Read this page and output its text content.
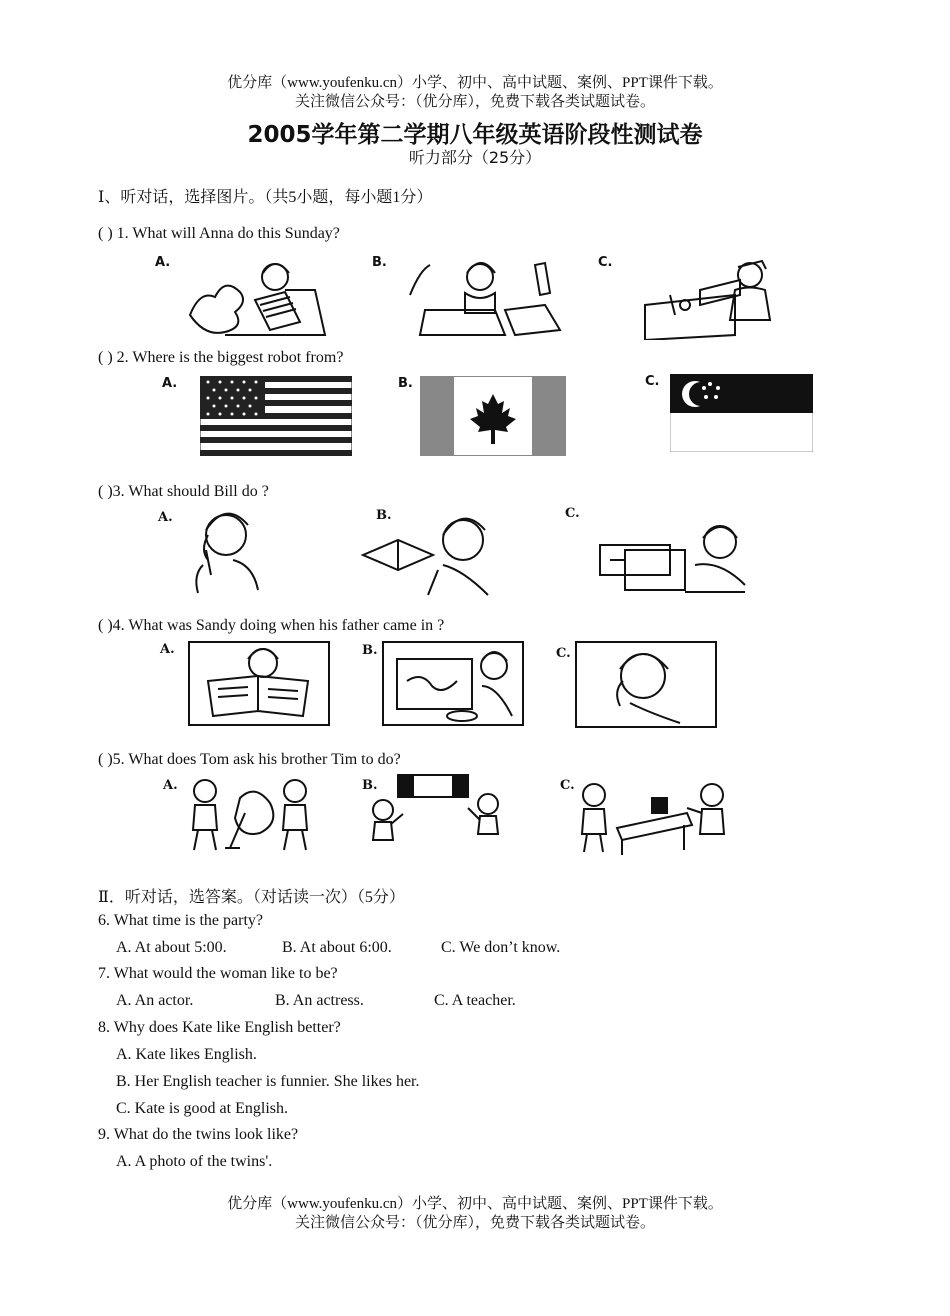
优分库（www.youfenku.cn）小学、初中、高中试题、案例、PPT课件下载。
关注微信公众号：（优分库），免费下载各类试题试卷。
2005学年第二学期八年级英语阶段性测试卷
听力部分（25分）
Ⅰ、听对话，选择图片。（共5小题，每小题1分）
( ) 1. What will Anna do this Sunday?
A.	B.	C.
( ) 2. Where is the biggest robot from?
A.	B.	C.
( )3. What should Bill do ?
A.	B.	C.
( )4. What was Sandy doing when his father came in ?
A.	B.	C.
( )5. What does Tom ask his brother Tim to do?
A.	B.	C.
Ⅱ．听对话，选答案。（对话读一次）（5分）
6. What time is the party?
A. At about 5:00.	B. At about 6:00.	C. We don’t know.
7. What would the woman like to be?
A. An actor.	B. An actress.	C. A teacher.
8. Why does Kate like English better?
A. Kate likes English.
B. Her English teacher is funnier. She likes her.
C. Kate is good at English.
9. What do the twins look like?
A. A photo of the twins'.
优分库（www.youfenku.cn）小学、初中、高中试题、案例、PPT课件下载。
关注微信公众号：（优分库），免费下载各类试题试卷。
